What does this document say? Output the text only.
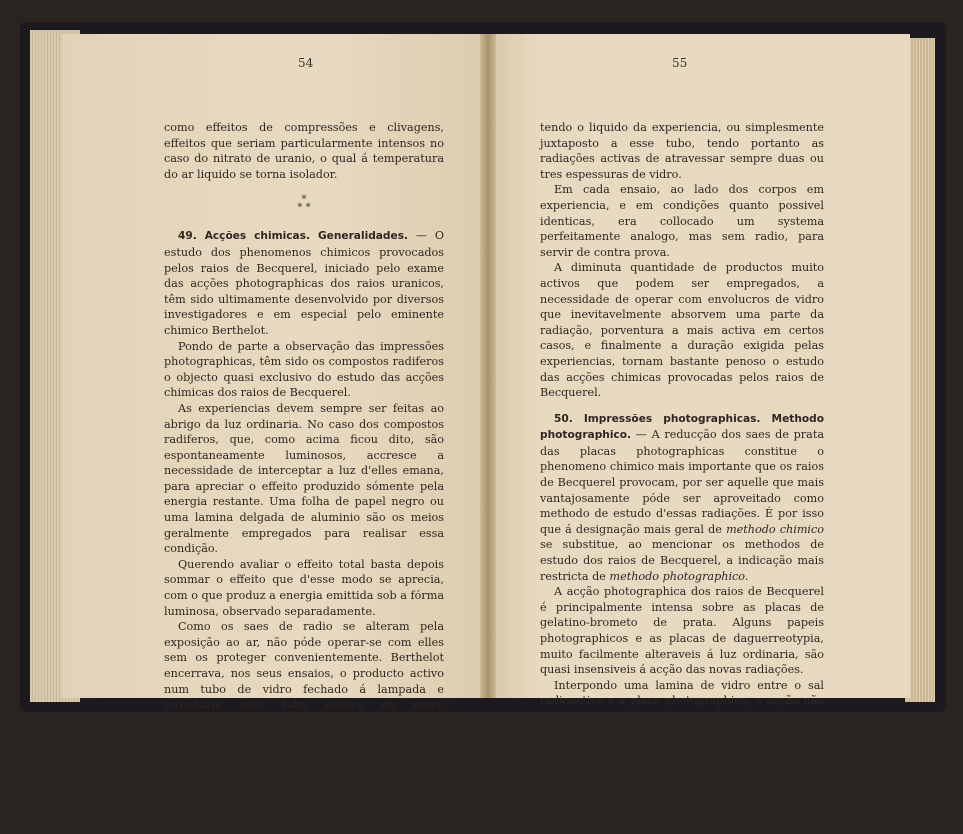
54

como effeitos de compressões e clivagens, effeitos que seriam particularmente intensos no caso do nitrato de uranio, o qual á temperatura do ar liquido se torna isolador.

*
* *

49. Acções chimicas. Generalidades. — O estudo dos phenomenos chimicos provocados pelos raios de Becquerel, iniciado pelo exame das acções photographicas dos raios uranicos, têm sido ultimamente desenvolvido por diversos investigadores e em especial pelo eminente chimico Berthelot.

Pondo de parte a observação das impressões photographicas, têm sido os compostos radiferos o objecto quasi exclusivo do estudo das acções chimicas dos raios de Becquerel.

As experiencias devem sempre ser feitas ao abrigo da luz ordinaria. No caso dos compostos radiferos, que, como acima ficou dito, são espontaneamente luminosos, accresce a necessidade de interceptar a luz d'elles emana, para apreciar o effeito produzido sómente pela energia restante. Uma folha de papel negro ou uma lamina delgada de aluminio são os meios geralmente empregados para realisar essa condição.

Querendo avaliar o effeito total basta depois sommar o effeito que d'esse modo se aprecia, com o que produz a energia emittida sob a fórma luminosa, observado separadamente.

Como os saes de radio se alteram pela exposição ao ar, não póde operar-se com elles sem os proteger convenientemente. Berthelot encerrava, nos seus ensaios, o producto activo num tubo de vidro fechado á lampada e introduzia este tubo dentro de outro concentrico, tambem de vidro, e sensivelmente tangente ao primeiro. Este systema era introduzido num tubo de ensaio con-

55

tendo o liquido da experiencia, ou simplesmente juxtaposto a esse tubo, tendo portanto as radiações activas de atravessar sempre duas ou tres espessuras de vidro.

Em cada ensaio, ao lado dos corpos em experiencia, e em condições quanto possivel identicas, era collocado um systema perfeitamente analogo, mas sem radio, para servir de contra prova.

A diminuta quantidade de productos muito activos que podem ser empregados, a necessidade de operar com envolucros de vidro que inevitavelmente absorvem uma parte da radiação, porventura a mais activa em certos casos, e finalmente a duração exigida pelas experiencias, tornam bastante penoso o estudo das acções chimicas provocadas pelos raios de Becquerel.

50. Impressões photographicas. Methodo photographico. — A reducção dos saes de prata das placas photographicas constitue o phenomeno chimico mais importante que os raios de Becquerel provocam, por ser aquelle que mais vantajosamente póde ser aproveitado como methodo de estudo d'essas radiações. É por isso que á designação mais geral de methodo chimico se substitue, ao mencionar os methodos de estudo dos raios de Becquerel, a indicação mais restricta de methodo photographico.

A acção photographica dos raios de Becquerel é principalmente intensa sobre as placas de gelatino-brometo de prata. Alguns papeis photographicos e as placas de daguerreotypia, muito facilmente alteraveis á luz ordinaria, são quasi insensiveis á acção das novas radiações.

Interpondo uma lamina de vidro entre o sal radioactivo e a placa photographica, a acção não desapparece. Esta observação de Becquerel afasta a hypothese da reducção do sal de prata por vapores emanados da substancia activa, como succede com o chumbo, o zinco e diversas essencias.

Os differentes corpos radioactivos actuam sobre as placas photographicas com intensidades muito variadas.
